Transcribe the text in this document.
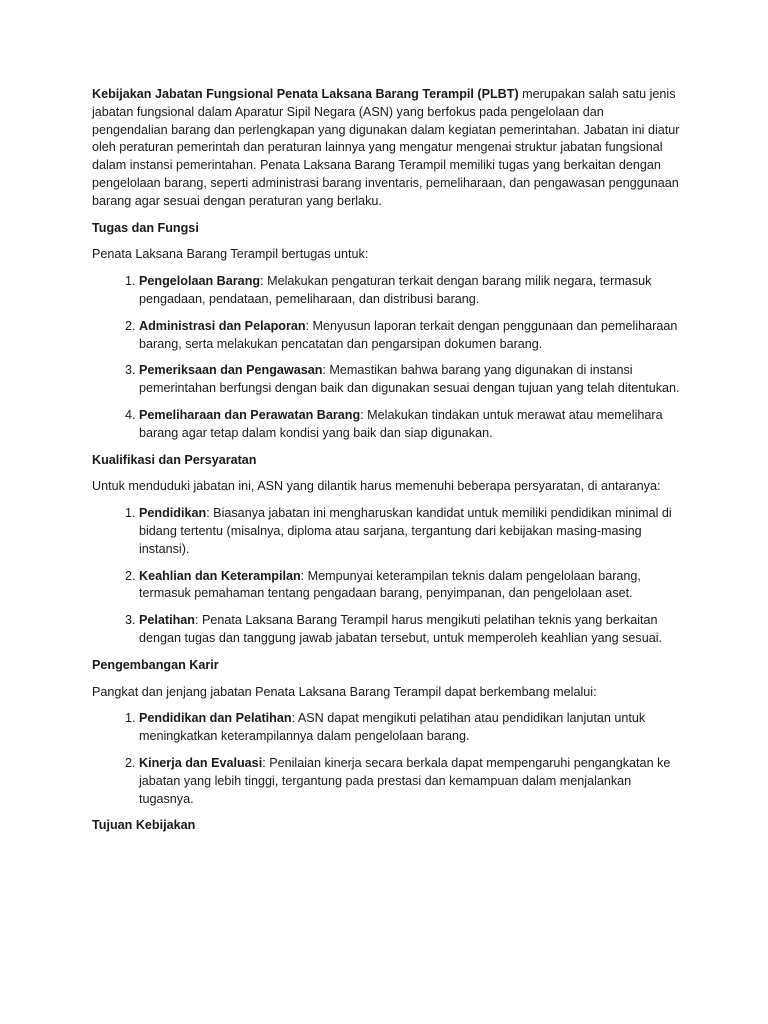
Kebijakan Jabatan Fungsional Penata Laksana Barang Terampil (PLBT) merupakan salah satu jenis jabatan fungsional dalam Aparatur Sipil Negara (ASN) yang berfokus pada pengelolaan dan pengendalian barang dan perlengkapan yang digunakan dalam kegiatan pemerintahan. Jabatan ini diatur oleh peraturan pemerintah dan peraturan lainnya yang mengatur mengenai struktur jabatan fungsional dalam instansi pemerintahan. Penata Laksana Barang Terampil memiliki tugas yang berkaitan dengan pengelolaan barang, seperti administrasi barang inventaris, pemeliharaan, dan pengawasan penggunaan barang agar sesuai dengan peraturan yang berlaku.

Tugas dan Fungsi

Penata Laksana Barang Terampil bertugas untuk:

1. Pengelolaan Barang: Melakukan pengaturan terkait dengan barang milik negara, termasuk pengadaan, pendataan, pemeliharaan, dan distribusi barang.
2. Administrasi dan Pelaporan: Menyusun laporan terkait dengan penggunaan dan pemeliharaan barang, serta melakukan pencatatan dan pengarsipan dokumen barang.
3. Pemeriksaan dan Pengawasan: Memastikan bahwa barang yang digunakan di instansi pemerintahan berfungsi dengan baik dan digunakan sesuai dengan tujuan yang telah ditentukan.
4. Pemeliharaan dan Perawatan Barang: Melakukan tindakan untuk merawat atau memelihara barang agar tetap dalam kondisi yang baik dan siap digunakan.

Kualifikasi dan Persyaratan

Untuk menduduki jabatan ini, ASN yang dilantik harus memenuhi beberapa persyaratan, di antaranya:

1. Pendidikan: Biasanya jabatan ini mengharuskan kandidat untuk memiliki pendidikan minimal di bidang tertentu (misalnya, diploma atau sarjana, tergantung dari kebijakan masing-masing instansi).
2. Keahlian dan Keterampilan: Mempunyai keterampilan teknis dalam pengelolaan barang, termasuk pemahaman tentang pengadaan barang, penyimpanan, dan pengelolaan aset.
3. Pelatihan: Penata Laksana Barang Terampil harus mengikuti pelatihan teknis yang berkaitan dengan tugas dan tanggung jawab jabatan tersebut, untuk memperoleh keahlian yang sesuai.

Pengembangan Karir

Pangkat dan jenjang jabatan Penata Laksana Barang Terampil dapat berkembang melalui:

1. Pendidikan dan Pelatihan: ASN dapat mengikuti pelatihan atau pendidikan lanjutan untuk meningkatkan keterampilannya dalam pengelolaan barang.
2. Kinerja dan Evaluasi: Penilaian kinerja secara berkala dapat mempengaruhi pengangkatan ke jabatan yang lebih tinggi, tergantung pada prestasi dan kemampuan dalam menjalankan tugasnya.

Tujuan Kebijakan
